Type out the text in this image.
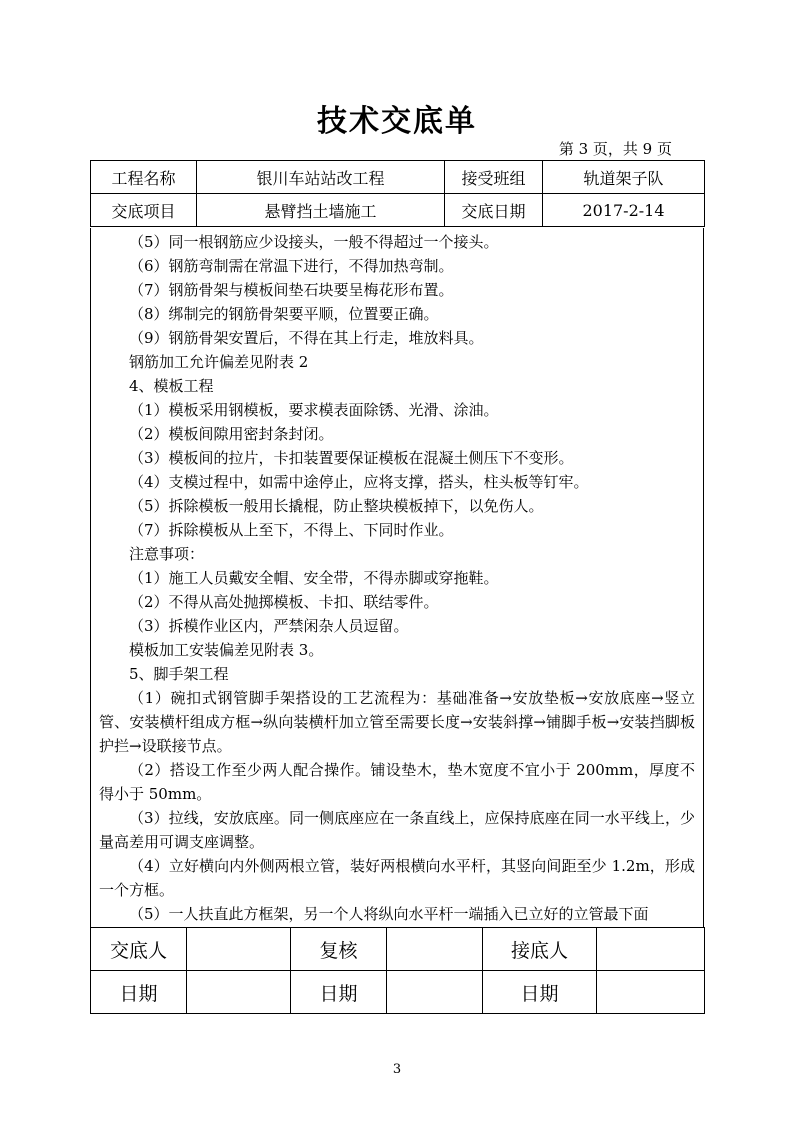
技术交底单
第 3 页，共 9 页
工程名称	银川车站站改工程	接受班组	轨道架子队
交底项目	悬臂挡土墙施工	交底日期	2017-2-14
（5）同一根钢筋应少设接头，一般不得超过一个接头。
（6）钢筋弯制需在常温下进行，不得加热弯制。
（7）钢筋骨架与模板间垫石块要呈梅花形布置。
（8）绑制完的钢筋骨架要平顺，位置要正确。
（9）钢筋骨架安置后，不得在其上行走，堆放料具。
钢筋加工允许偏差见附表 2
4、模板工程
（1）模板采用钢模板，要求模表面除锈、光滑、涂油。
（2）模板间隙用密封条封闭。
（3）模板间的拉片，卡扣装置要保证模板在混凝土侧压下不变形。
（4）支模过程中，如需中途停止，应将支撑，搭头，柱头板等钉牢。
（5）拆除模板一般用长撬棍，防止整块模板掉下，以免伤人。
（7）拆除模板从上至下，不得上、下同时作业。
注意事项：
（1）施工人员戴安全帽、安全带，不得赤脚或穿拖鞋。
（2）不得从高处抛掷模板、卡扣、联结零件。
（3）拆模作业区内，严禁闲杂人员逗留。
模板加工安装偏差见附表 3。
5、脚手架工程
（1）碗扣式钢管脚手架搭设的工艺流程为：基础准备→安放垫板→安放底座→竖立管、安装横杆组成方框→纵向装横杆加立管至需要长度→安装斜撑→铺脚手板→安装挡脚板护拦→设联接节点。
（2）搭设工作至少两人配合操作。铺设垫木，垫木宽度不宜小于 200mm，厚度不得小于 50mm。
（3）拉线，安放底座。同一侧底座应在一条直线上，应保持底座在同一水平线上，少量高差用可调支座调整。
（4）立好横向内外侧两根立管，装好两根横向水平杆，其竖向间距至少 1.2m，形成一个方框。
（5）一人扶直此方框架，另一个人将纵向水平杆一端插入已立好的立管最下面
交底人		复核		接底人	
日期		日期		日期	
3
